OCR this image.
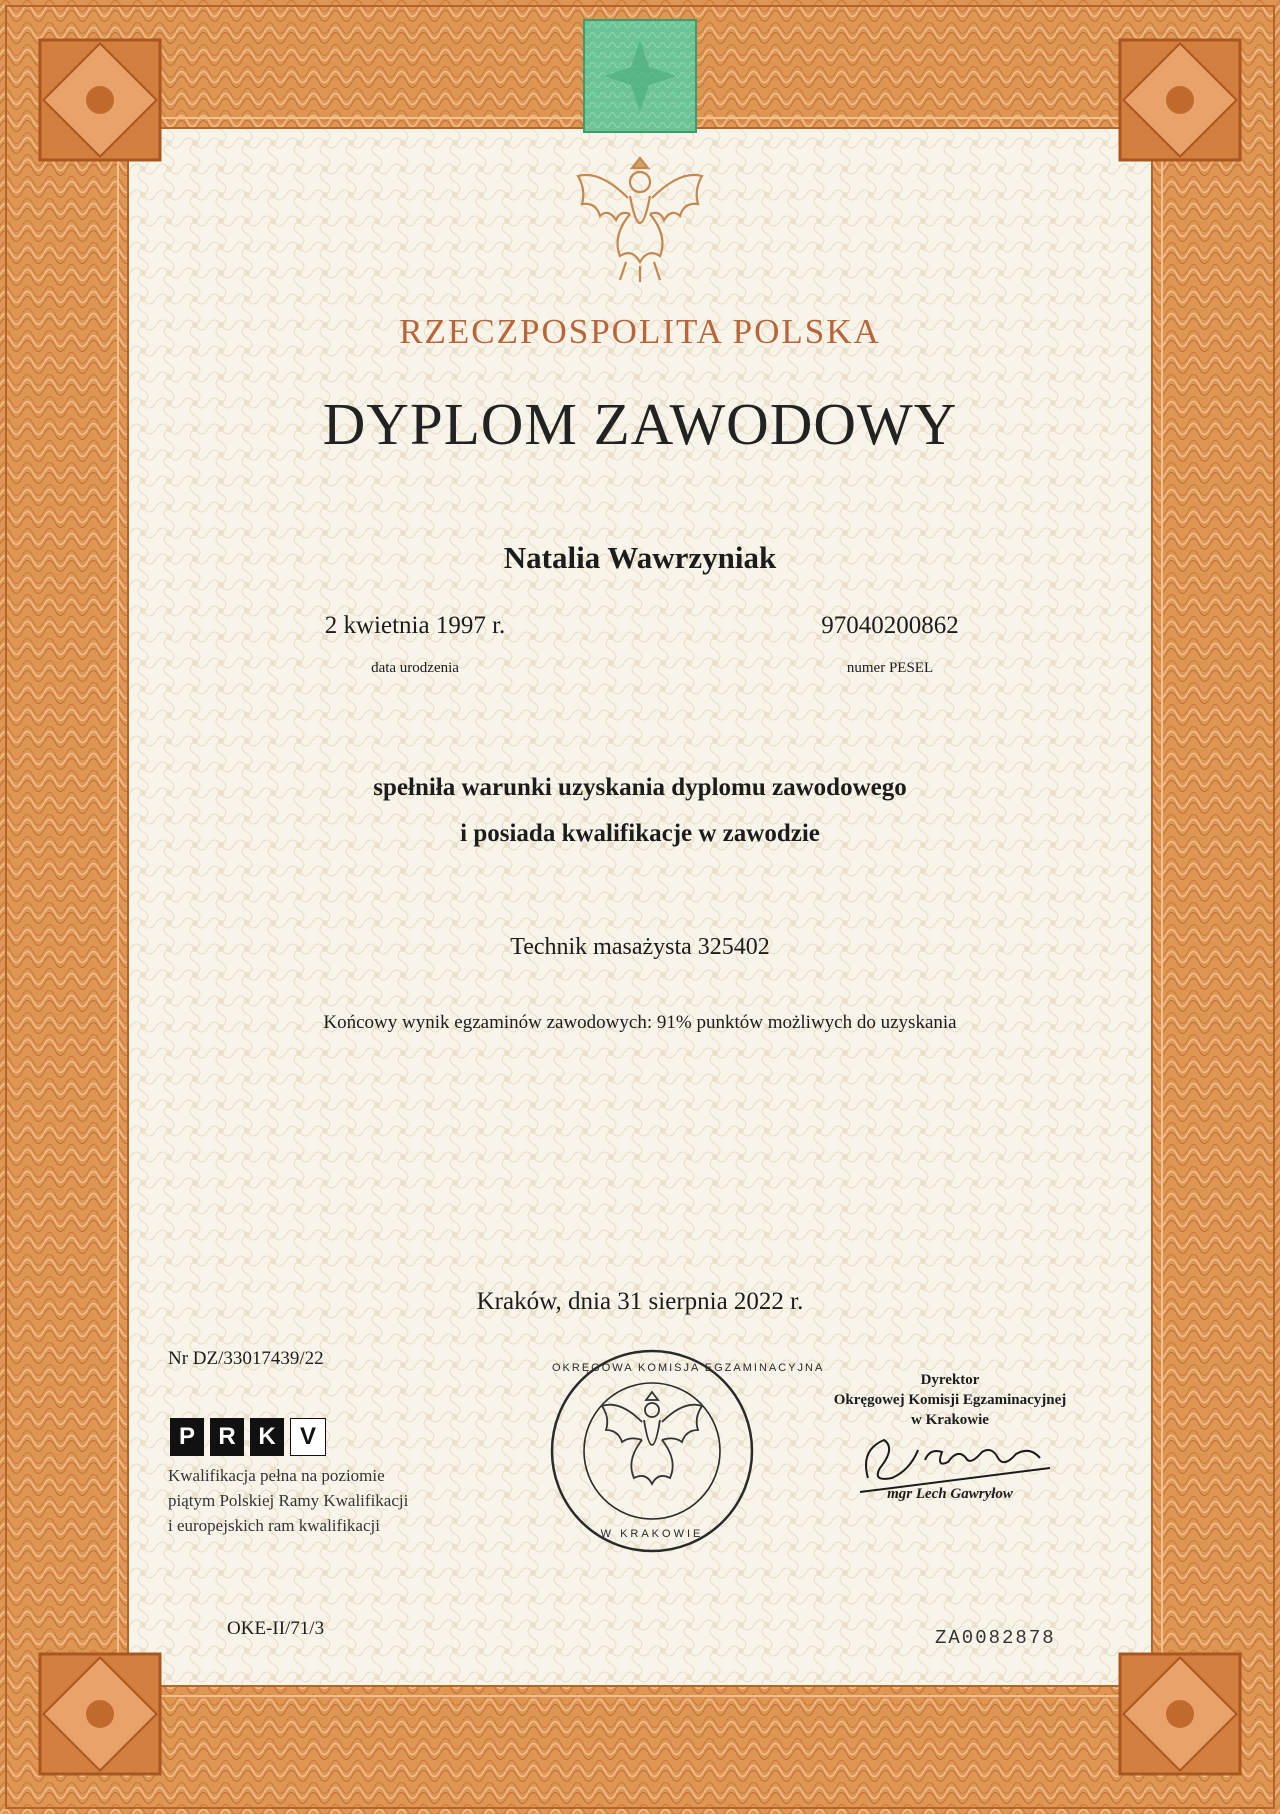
RZECZPOSPOLITA POLSKA
DYPLOM ZAWODOWY
Natalia Wawrzyniak
2 kwietnia 1997 r.
data urodzenia
97040200862
numer PESEL
spełniła warunki uzyskania dyplomu zawodowego
i posiada kwalifikacje w zawodzie
Technik masażysta 325402
Końcowy wynik egzaminów zawodowych: 91% punktów możliwych do uzyskania
Kraków, dnia 31 sierpnia 2022 r.
Nr DZ/33017439/22
P R K	V
Kwalifikacja pełna na poziomie
piątym Polskiej Ramy Kwalifikacji
i europejskich ram kwalifikacji
OKRĘGOWA KOMISJA EGZAMINACYJNA
W KRAKOWIE
Dyrektor
Okręgowej Komisji Egzaminacyjnej
w Krakowie
mgr Lech Gawryłow
OKE-II/71/3	ZA0082878
